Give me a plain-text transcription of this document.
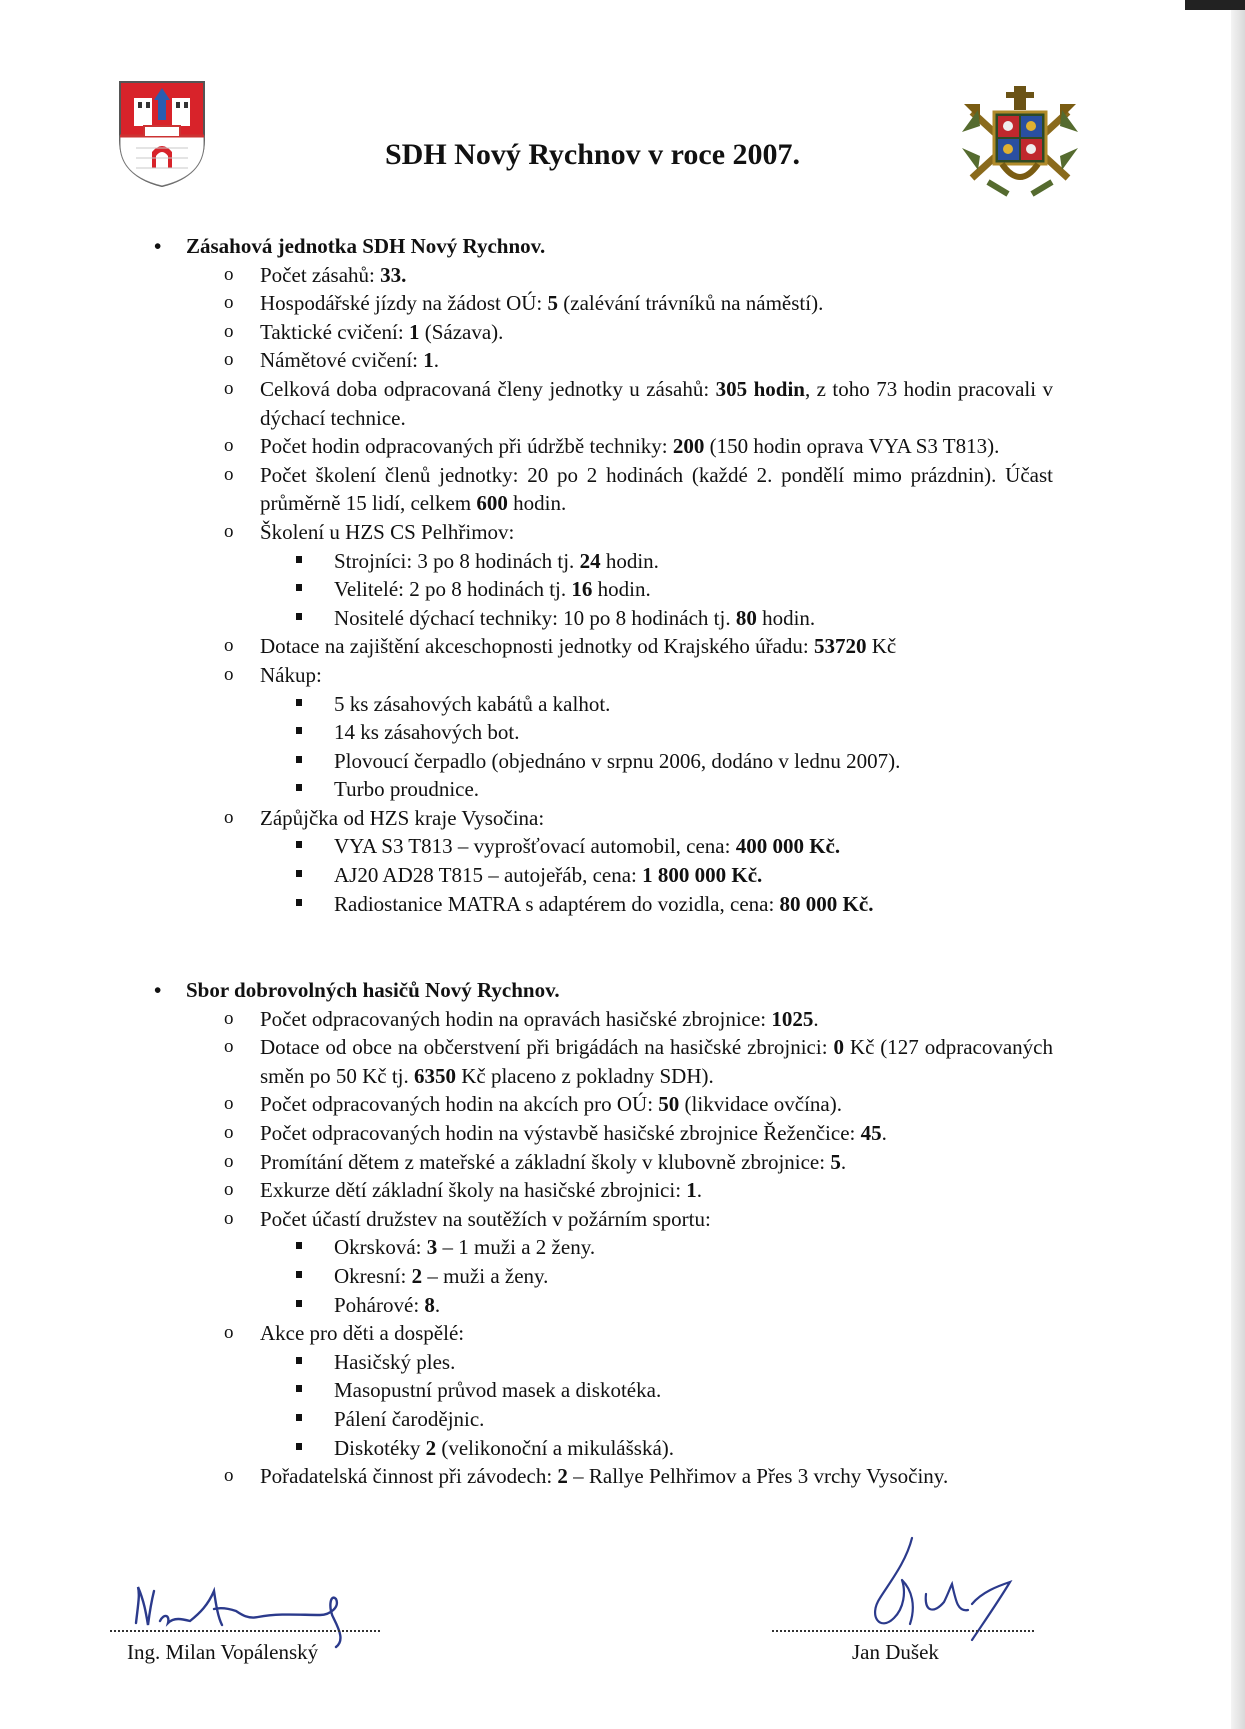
SDH Nový Rychnov v roce 2007.
• Zásahová jednotka SDH Nový Rychnov.
o Počet zásahů: 33.
o Hospodářské jízdy na žádost OÚ: 5 (zalévání trávníků na náměstí).
o Taktické cvičení: 1 (Sázava).
o Námětové cvičení: 1.
o Celková doba odpracovaná členy jednotky u zásahů: 305 hodin, z toho 73 hodin pracovali v dýchací technice.
o Počet hodin odpracovaných při údržbě techniky: 200 (150 hodin oprava VYA S3 T813).
o Počet školení členů jednotky: 20 po 2 hodinách (každé 2. pondělí mimo prázdnin). Účast průměrně 15 lidí, celkem 600 hodin.
o Školení u HZS CS Pelhřimov:
Strojníci: 3 po 8 hodinách tj. 24 hodin.
Velitelé: 2 po 8 hodinách tj. 16 hodin.
Nositelé dýchací techniky: 10 po 8 hodinách tj. 80 hodin.
o Dotace na zajištění akceschopnosti jednotky od Krajského úřadu: 53720 Kč
o Nákup:
5 ks zásahových kabátů a kalhot.
14 ks zásahových bot.
Plovoucí čerpadlo (objednáno v srpnu 2006, dodáno v lednu 2007).
Turbo proudnice.
o Zápůjčka od HZS kraje Vysočina:
VYA S3 T813 – vyprošťovací automobil, cena: 400 000 Kč.
AJ20 AD28 T815 – autojeřáb, cena: 1 800 000 Kč.
Radiostanice MATRA s adaptérem do vozidla, cena: 80 000 Kč.
• Sbor dobrovolných hasičů Nový Rychnov.
o Počet odpracovaných hodin na opravách hasičské zbrojnice: 1025.
o Dotace od obce na občerstvení při brigádách na hasičské zbrojnici: 0 Kč (127 odpracovaných směn po 50 Kč tj. 6350 Kč placeno z pokladny SDH).
o Počet odpracovaných hodin na akcích pro OÚ: 50 (likvidace ovčína).
o Počet odpracovaných hodin na výstavbě hasičské zbrojnice Řeženčice: 45.
o Promítání dětem z mateřské a základní školy v klubovně zbrojnice: 5.
o Exkurze dětí základní školy na hasičské zbrojnici: 1.
o Počet účastí družstev na soutěžích v požárním sportu:
Okrsková: 3 – 1 muži a 2 ženy.
Okresní: 2 – muži a ženy.
Pohárové: 8.
o Akce pro děti a dospělé:
Hasičský ples.
Masopustní průvod masek a diskotéka.
Pálení čarodějnic.
Diskotéky 2 (velikonoční a mikulášská).
o Pořadatelská činnost při závodech: 2 – Rallye Pelhřimov a Přes 3 vrchy Vysočiny.
Ing. Milan Vopálenský	Jan Dušek
